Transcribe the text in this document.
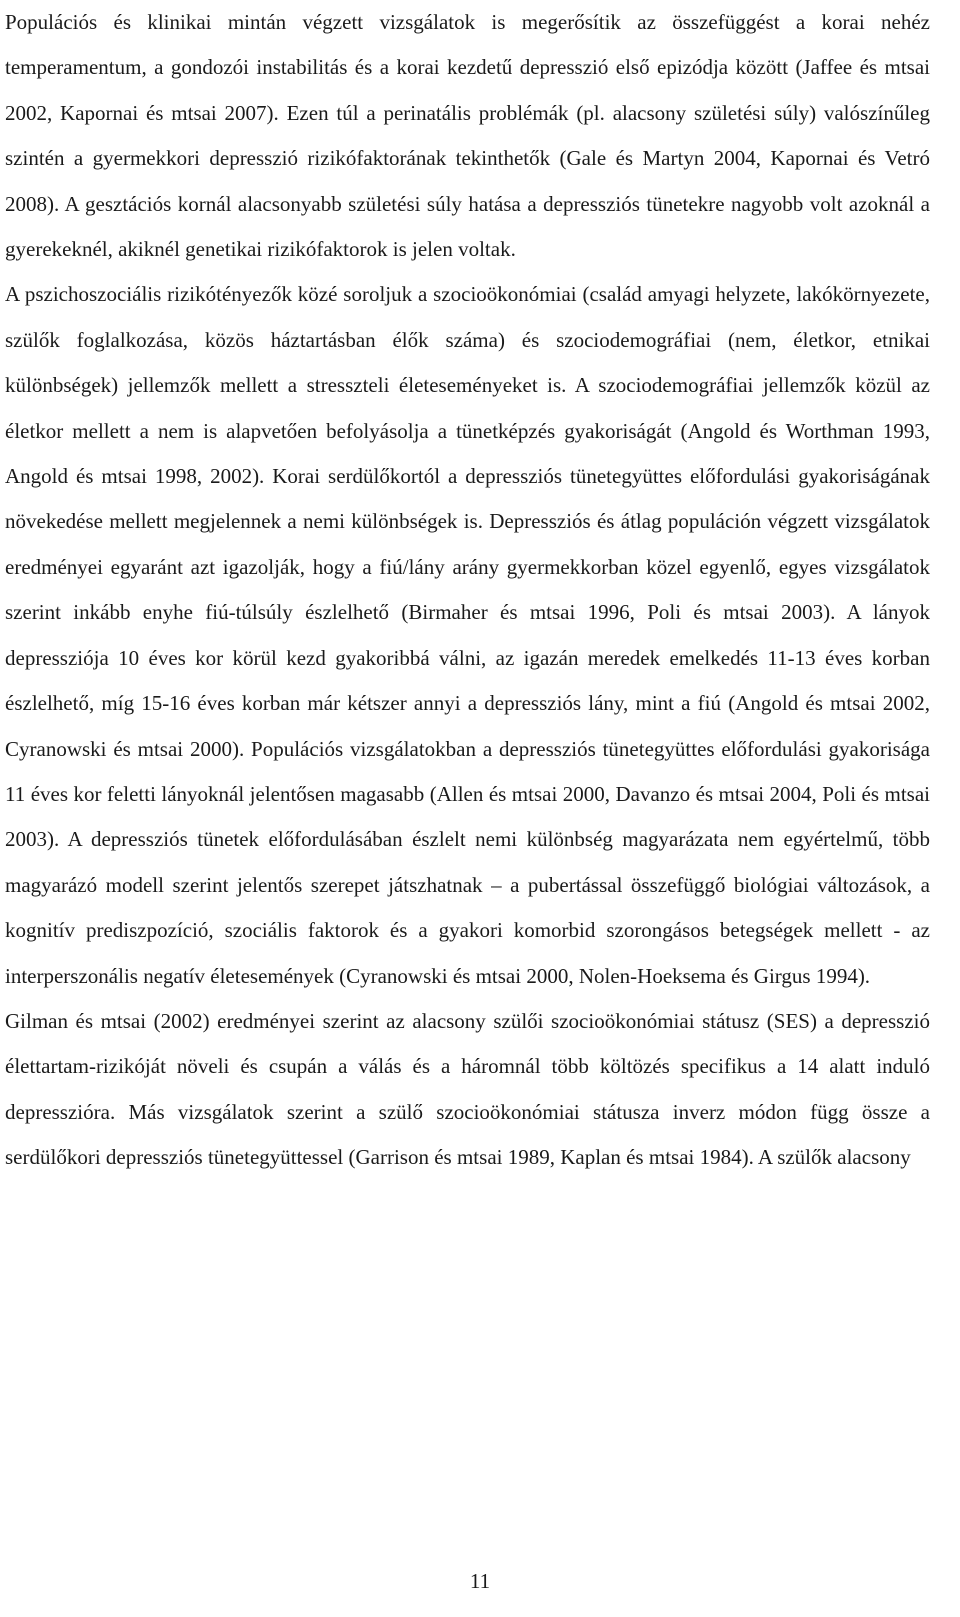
Populációs és klinikai mintán végzett vizsgálatok is megerősítik az összefüggést a korai nehéz temperamentum, a gondozói instabilitás és a korai kezdetű depresszió első epizódja között (Jaffee és mtsai 2002, Kapornai és mtsai 2007). Ezen túl a perinatális problémák (pl. alacsony születési súly) valószínűleg szintén a gyermekkori depresszió rizikófaktorának tekinthetők (Gale és Martyn 2004, Kapornai és Vetró 2008). A gesztációs kornál alacsonyabb születési súly hatása a depressziós tünetekre nagyobb volt azoknál a gyerekeknél, akiknél genetikai rizikófaktorok is jelen voltak.

A pszichoszociális rizikótényezők közé soroljuk a szocioökonómiai (család amyagi helyzete, lakókörnyezete, szülők foglalkozása, közös háztartásban élők száma) és szociodemográfiai (nem, életkor, etnikai különbségek) jellemzők mellett a stresszteli életeseményeket is. A szociodemográfiai jellemzők közül az életkor mellett a nem is alapvetően befolyásolja a tünetképzés gyakoriságát (Angold és Worthman 1993, Angold és mtsai 1998, 2002). Korai serdülőkortól a depressziós tünetegyüttes előfordulási gyakoriságának növekedése mellett megjelennek a nemi különbségek is. Depressziós és átlag populáción végzett vizsgálatok eredményei egyaránt azt igazolják, hogy a fiú/lány arány gyermekkorban közel egyenlő, egyes vizsgálatok szerint inkább enyhe fiú-túlsúly észlelhető (Birmaher és mtsai 1996, Poli és mtsai 2003). A lányok depressziója 10 éves kor körül kezd gyakoribbá válni, az igazán meredek emelkedés 11-13 éves korban észlelhető, míg 15-16 éves korban már kétszer annyi a depressziós lány, mint a fiú (Angold és mtsai 2002, Cyranowski és mtsai 2000). Populációs vizsgálatokban a depressziós tünetegyüttes előfordulási gyakorisága 11 éves kor feletti lányoknál jelentősen magasabb (Allen és mtsai 2000, Davanzo és mtsai 2004, Poli és mtsai 2003). A depressziós tünetek előfordulásában észlelt nemi különbség magyarázata nem egyértelmű, több magyarázó modell szerint jelentős szerepet játszhatnak – a pubertással összefüggő biológiai változások, a kognitív prediszpozíció, szociális faktorok és a gyakori komorbid szorongásos betegségek mellett - az interperszonális negatív életesemények (Cyranowski és mtsai 2000, Nolen-Hoeksema és Girgus 1994).

Gilman és mtsai (2002) eredményei szerint az alacsony szülői szocioökonómiai státusz (SES) a depresszió élettartam-rizikóját növeli és csupán a válás és a háromnál több költözés specifikus a 14 alatt induló depresszióra. Más vizsgálatok szerint a szülő szocioökonómiai státusza inverz módon függ össze a serdülőkori depressziós tünetegyüttessel (Garrison és mtsai 1989, Kaplan és mtsai 1984). A szülők alacsony

11
